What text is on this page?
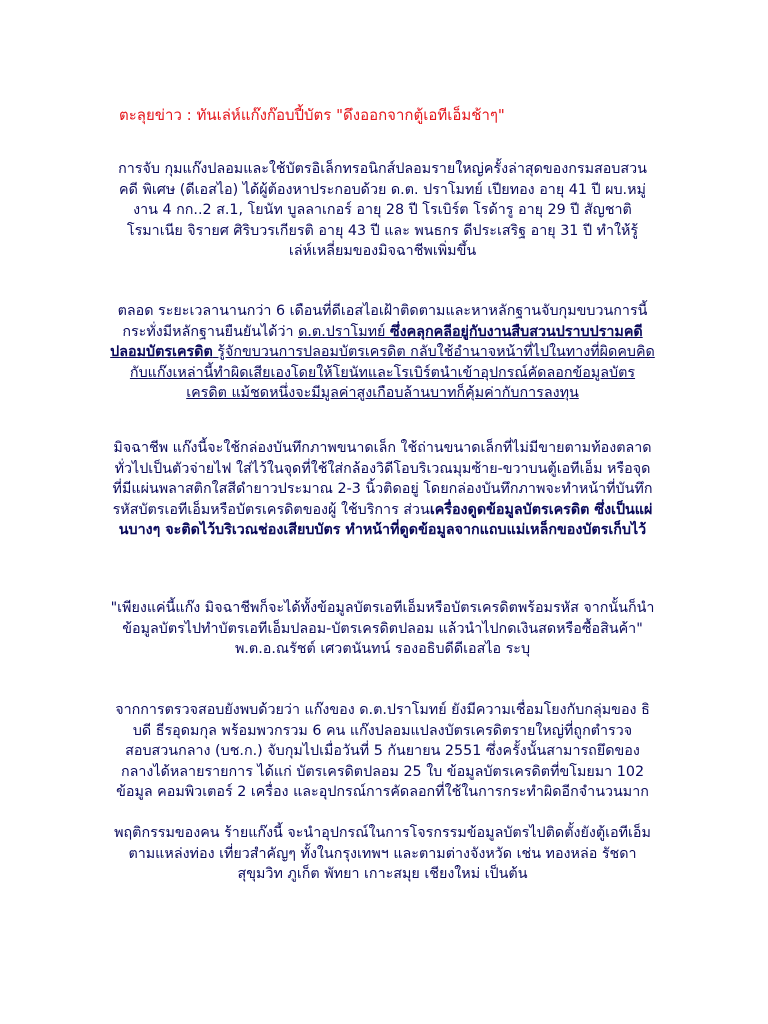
ตะลุยข่าว : ทันเล่ห์แก๊งก๊อบปี้บัตร "ดึงออกจากตู้เอทีเอ็มช้าๆ"

การจับ กุมแก๊งปลอมและใช้บัตรอิเล็กทรอนิกส์ปลอมรายใหญ่ครั้งล่าสุดของกรมสอบสวนคดี พิเศษ (ดีเอสไอ) ได้ผู้ต้องหาประกอบด้วย ด.ต. ปราโมทย์ เปียทอง อายุ 41 ปี ผบ.หมู่งาน 4 กก..2 ส.1, โยนัท บูลลาเกอร์ อายุ 28 ปี โรเบิร์ต โรด้ารู อายุ 29 ปี สัญชาติโรมาเนีย จิรายศ ศิริบวรเกียรติ อายุ 43 ปี และ พนธกร ดีประเสริฐ อายุ 31 ปี ทำให้รู้เล่ห์เหลี่ยมของมิจฉาชีพเพิ่มขึ้น

ตลอด ระยะเวลานานกว่า 6 เดือนที่ดีเอสไอเฝ้าติดตามและหาหลักฐานจับกุมขบวนการนี้ กระทั่งมีหลักฐานยืนยันได้ว่า ด.ต.ปราโมทย์ ซึ่งคลุกคลีอยู่กับงานสืบสวนปราบปรามคดีปลอมบัตรเครดิต รู้จักขบวนการปลอมบัตรเครดิต กลับใช้อำนาจหน้าที่ไปในทางที่ผิดคบคิดกับแก๊งเหล่านี้ทำผิดเสียเองโดยให้โยนัทและโรเบิร์ตนำเข้าอุปกรณ์คัดลอกข้อมูลบัตรเครดิต แม้ชดหนึ่งจะมีมูลค่าสูงเกือบล้านบาทก็คุ้มค่ากับการลงทุน

มิจฉาชีพ แก๊งนี้จะใช้กล่องบันทึกภาพขนาดเล็ก ใช้ถ่านขนาดเล็กที่ไม่มีขายตามท้องตลาดทั่วไปเป็นตัวจ่ายไฟ ใส่ไว้ในจุดที่ใช้ใส่กล้องวิดีโอบริเวณมุมซ้าย-ขวาบนตู้เอทีเอ็ม หรือจุดที่มีแผ่นพลาสติกใสสีดำยาวประมาณ 2-3 นิ้วติดอยู่ โดยกล่องบันทึกภาพจะทำหน้าที่บันทึกรหัสบัตรเอทีเอ็มหรือบัตรเครดิตของผู้ ใช้บริการ ส่วนเครื่องดูดข้อมูลบัตรเครดิต ซึ่งเป็นแผ่นบางๆ จะติดไว้บริเวณช่องเสียบบัตร ทำหน้าที่ดูดข้อมูลจากแถบแม่เหล็กของบัตรเก็บไว้

"เพียงแค่นี้แก๊ง มิจฉาชีพก็จะได้ทั้งข้อมูลบัตรเอทีเอ็มหรือบัตรเครดิตพร้อมรหัส จากนั้นก็นำข้อมูลบัตรไปทำบัตรเอทีเอ็มปลอม-บัตรเครดิตปลอม แล้วนำไปกดเงินสดหรือซื้อสินค้า" พ.ต.อ.ณรัชต์ เศวตนันทน์ รองอธิบดีดีเอสไอ ระบุ

จากการตรวจสอบยังพบด้วยว่า แก๊งของ ด.ต.ปราโมทย์ ยังมีความเชื่อมโยงกับกลุ่มของ ธิบดี ธีรอุดมกุล พร้อมพวกรวม 6 คน แก๊งปลอมแปลงบัตรเครดิตรายใหญ่ที่ถูกตำรวจสอบสวนกลาง (บช.ก.) จับกุมไปเมื่อวันที่ 5 กันยายน 2551 ซึ่งครั้งนั้นสามารถยึดของกลางได้หลายรายการ ได้แก่ บัตรเครดิตปลอม 25 ใบ ข้อมูลบัตรเครดิตที่ขโมยมา 102 ข้อมูล คอมพิวเตอร์ 2 เครื่อง และอุปกรณ์การคัดลอกที่ใช้ในการกระทำผิดอีกจำนวนมาก

พฤติกรรมของคน ร้ายแก๊งนี้ จะนำอุปกรณ์ในการโจรกรรมข้อมูลบัตรไปติดตั้งยังตู้เอทีเอ็มตามแหล่งท่อง เที่ยวสำคัญๆ ทั้งในกรุงเทพฯ และตามต่างจังหวัด เช่น ทองหล่อ รัชดา สุขุมวิท ภูเก็ต พัทยา เกาะสมุย เชียงใหม่ เป็นต้น
